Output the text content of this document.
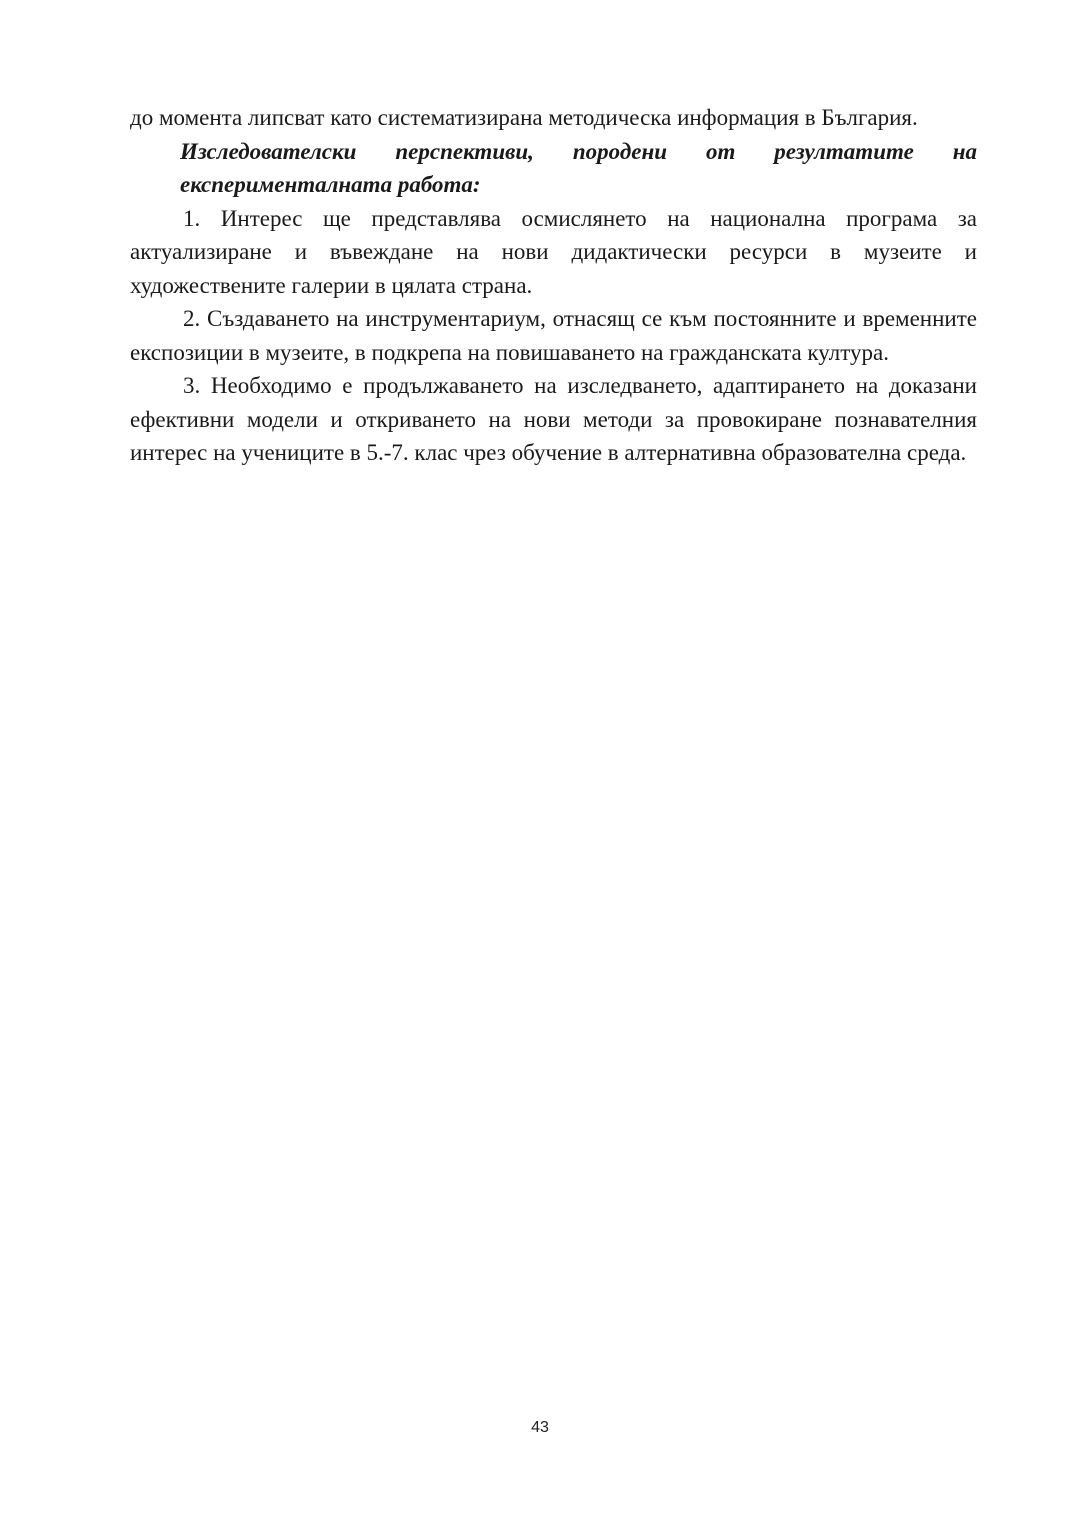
до момента липсват като систематизирана методическа информация в България.

Изследователски перспективи, породени от резултатите на експерименталната работа:

1. Интерес ще представлява осмислянето на национална програма за актуализиране и въвеждане на нови дидактически ресурси в музеите и художествените галерии в цялата страна.

2. Създаването на инструментариум, отнасящ се към постоянните и временните експозиции в музеите, в подкрепа на повишаването на гражданската култура.

3. Необходимо е продължаването на изследването, адаптирането на доказани ефективни модели и откриването на нови методи за провокиране познавателния интерес на учениците в 5.-7. клас чрез обучение в алтернативна образователна среда.

43
